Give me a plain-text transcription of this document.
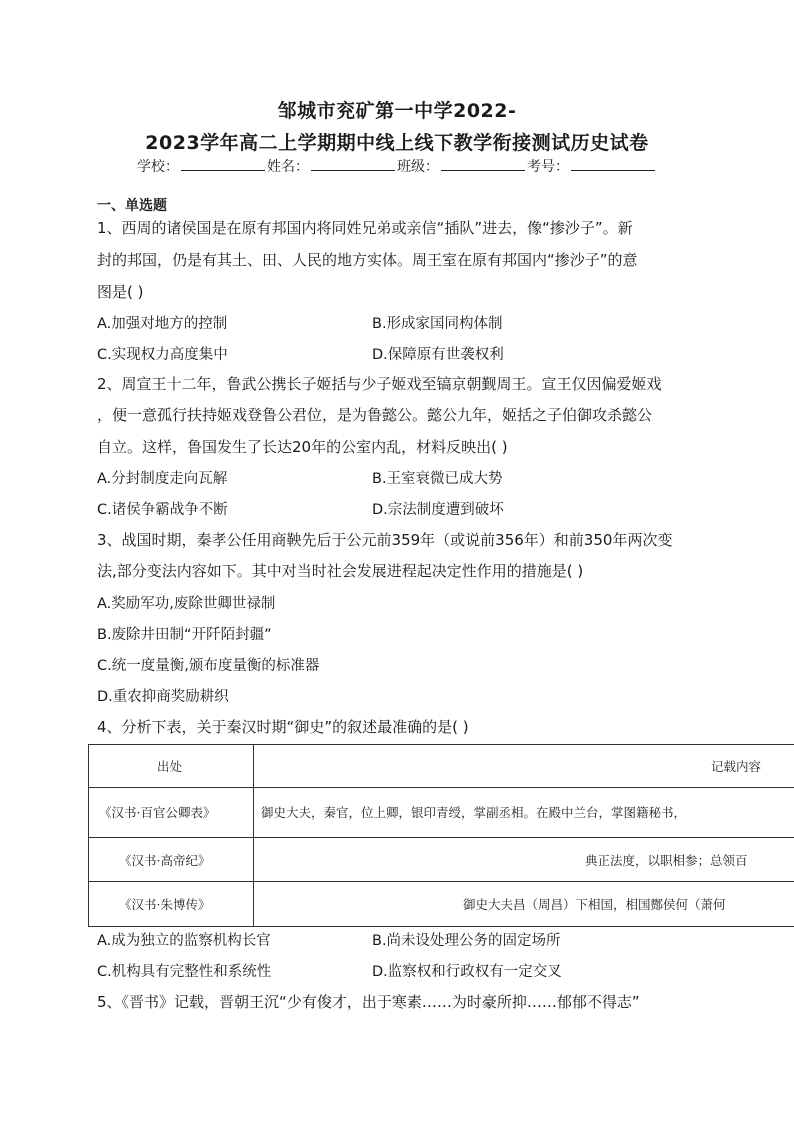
邹城市兖矿第一中学2022-
2023学年高二上学期期中线上线下教学衔接测试历史试卷
学校：	姓名：	班级：	考号：
一、单选题
1、西周的诸侯国是在原有邦国内将同姓兄弟或亲信“插队”进去，像“掺沙子”。新
封的邦国，仍是有其土、田、人民的地方实体。周王室在原有邦国内“掺沙子”的意
图是( )
A.加强对地方的控制	B.形成家国同构体制
C.实现权力高度集中	D.保障原有世袭权利
2、周宣王十二年，鲁武公携长子姬括与少子姬戏至镐京朝觐周王。宣王仅因偏爱姬戏
，便一意孤行扶持姬戏登鲁公君位，是为鲁懿公。懿公九年，姬括之子伯御攻杀懿公
自立。这样，鲁国发生了长达20年的公室内乱，材料反映出( )
A.分封制度走向瓦解	B.王室衰微已成大势
C.诸侯争霸战争不断	D.宗法制度遭到破坏
3、战国时期，秦孝公任用商鞅先后于公元前359年（或说前356年）和前350年两次变
法,部分变法内容如下。其中对当时社会发展进程起决定性作用的措施是( )
A.奖励军功,废除世卿世禄制
B.废除井田制“开阡陌封疆”
C.统一度量衡,颁布度量衡的标准器
D.重农抑商奖励耕织
4、分析下表，关于秦汉时期“御史”的叙述最准确的是( )
出处	记载内容
《汉书·百官公卿表》	御史大夫，秦官，位上卿，银印青绶，掌副丞相。在殿中兰台，掌图籍秘书，
《汉书·高帝纪》	典正法度，以职相参；总领百
《汉书·朱博传》	御史大夫昌（周昌）下相国，相国酂侯何（萧何
A.成为独立的监察机构长官	B.尚未设处理公务的固定场所
C.机构具有完整性和系统性	D.监察权和行政权有一定交叉
5、《晋书》记载，晋朝王沉“少有俊才，出于寒素……为时豪所抑……郁郁不得志”
